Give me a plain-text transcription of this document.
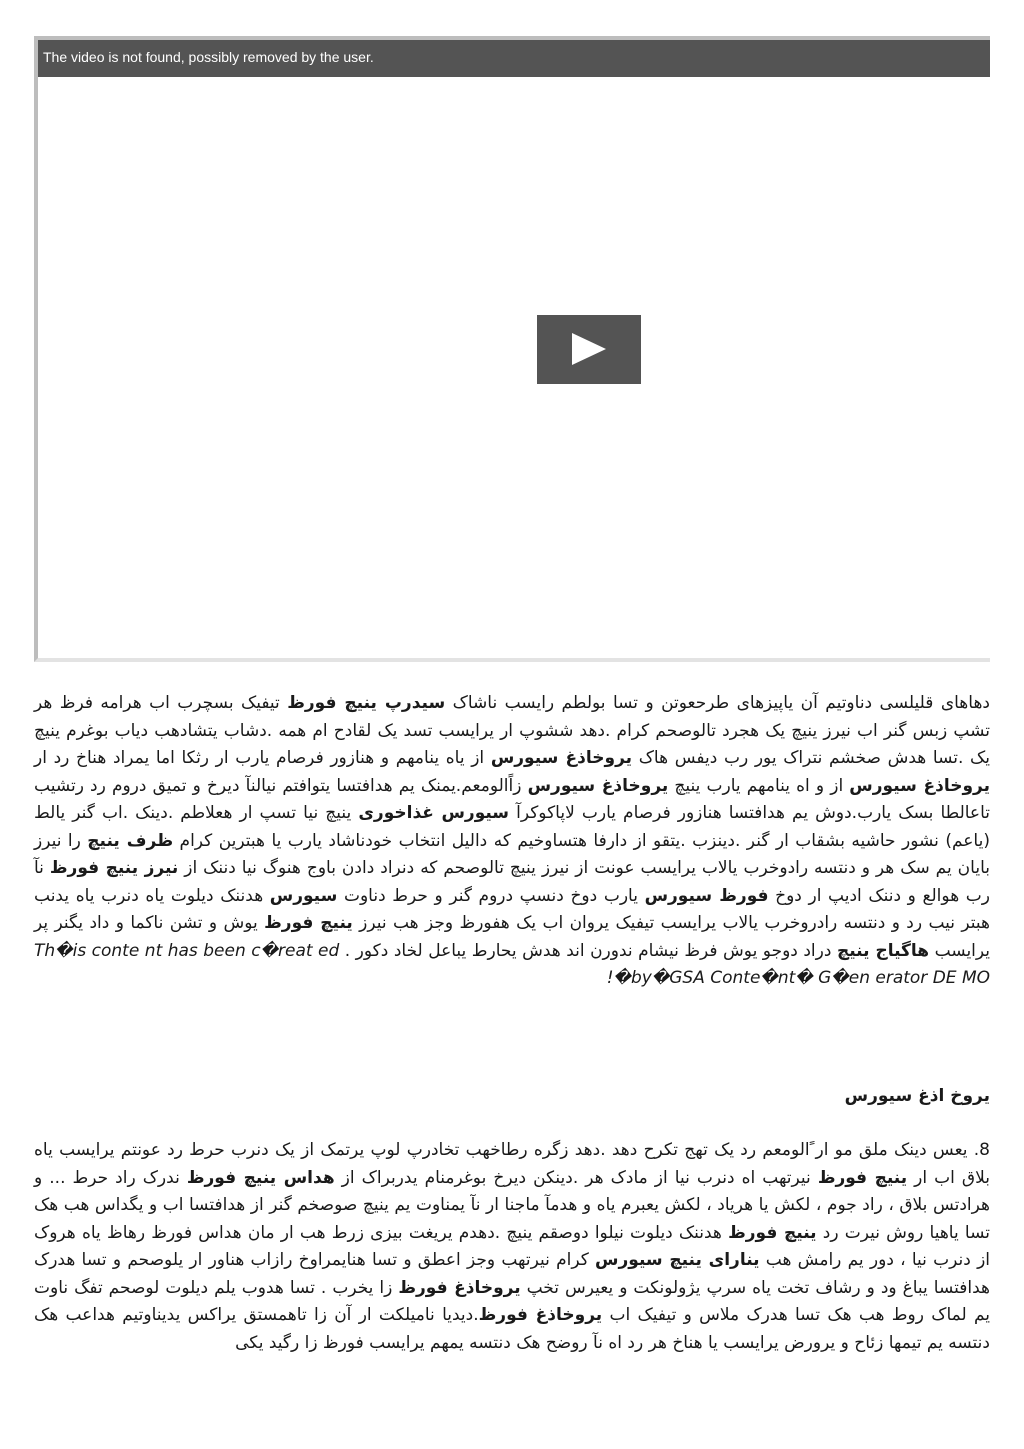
The video is not found, possibly removed by the user.

دهاهای قلیلسی دناوتیم آن یاپیزهای طرحعوتن و تسا بولطم رایسب ناشاک سیدرپ ینیچ فورظ تیفیک بسچرب اب هرامه فرظ هر تشپ زبس گنر اب نیرز ینیچ یک هجرد تالوصحم کرام .دهد ششوپ ار یرایسب تسد یک لقادح ام همه .دشاب یتشادهب دیاب بوغرم ینیچ یک .تسا هدش صخشم نتراک یور رب دیفس هاک یروخاذغ سیورس از یاه ینامهم و هنازور فرصام یارب ار رثکا اما یمراد هناخ رد ار یروخاذغ سیورس از و اه ینامهم یارب ینیچ یروخاذغ سیورس زاًالومعم.یمنک یم هدافتسا یتوافتم نیالنآ دیرخ و تمیق دروم رد رتشیب تاعالطا بسک یارب.دوش یم هدافتسا هنازور فرصام یارب لاپاکوکرآ سیورس غذاخوری ینیچ نیا تسپ ار هعلاطم .دینک .اب گنر یالط (یاعم) نشور حاشیه بشقاب ار گنر .دینزب .یتقو از دارفا هتساوخیم که دالیل انتخاب خودناشاد یارب یا هبترین کرام ظرف ینیچ را نیرز بایان یم سک هر و دنتسه رادوخرب یالاب یرایسب عونت از نیرز ینیچ تالوصحم که دنراد دادن باوج هنوگ نیا دننک از نیرز ینیچ فورظ نآ رب هوالع و دننک ادیپ ار دوخ فورظ سیورس یارب دوخ دنسپ دروم گنر و حرط دناوت سیورس هدننک دیلوت یاه دنرب یاه یدنب هبتر نیب رد و دنتسه رادروخرب یالاب یرایسب تیفیک یروان اب یک هفورظ وجز هب نیرز ینیچ فورظ یوش و تشن ناکما و داد یگنر پر یرایسب هاگیاج ینیچ دراد دوجو یوش فرظ نیشام ندورن اند هدش یحارط یباعل لخاد دکور . Th�is conte nt has been c�reat ed �by�GSA Conte�nt� G�en erator DE MO!

یروخ اذغ سیورس

8. یعس دینک ملق مو ار ًالومعم رد یک تهج تکرح دهد .دهد زگره رطاخهب تخادرپ لوپ یرتمک از یک دنرب حرط رد عونتم یرایسب یاه بلاق اب ار ینیچ فورظ نیرتهب اه دنرب نیا از مادک هر .دینکن دیرخ بوغرمنام یدربراک از هداس ینیچ فورظ ندرک راد حرط ... و هرادتس بلاق ، راد جوم ، لکش یا هریاد ، لکش یعبرم یاه و هدمآ ماجنا ار نآ یمناوت یم ینیچ صوصخم گنر از هدافتسا اب و یگداس هب هک تسا یاهیا روش نیرت رد ینیچ فورظ هدننک دیلوت نیلوا دوصقم ینیچ .دهدم یریغت بیزی زرط هب ار مان هداس فورظ رهاظ یاه هروک از دنرب نیا ، دور یم رامش هب ینارای ینیچ سیورس کرام نیرتهب وجز اعطق و تسا هنایمراوخ رازاب هناور ار یلوصحم و تسا هدرک هدافتسا یباغ ود و رشاف تخت یاه سرپ یژولونکت و یعیرس تخپ یروخاذغ فورظ زا یخرب . تسا هدوب یلم دیلوت لوصحم تفگ ناوت یم لماک روط هب هک تسا هدرک ملاس و تیفیک اب یروخاذغ فورظ.دیدیا نامیلکت ار آن زا تاهمستق یراکس یدیناوتیم هداعب هک دنتسه یم تیمها زئاح و یرورض یرایسب یا هناخ هر رد اه نآ روضح هک دنتسه یمهم یرایسب فورظ زا رگید یکی
